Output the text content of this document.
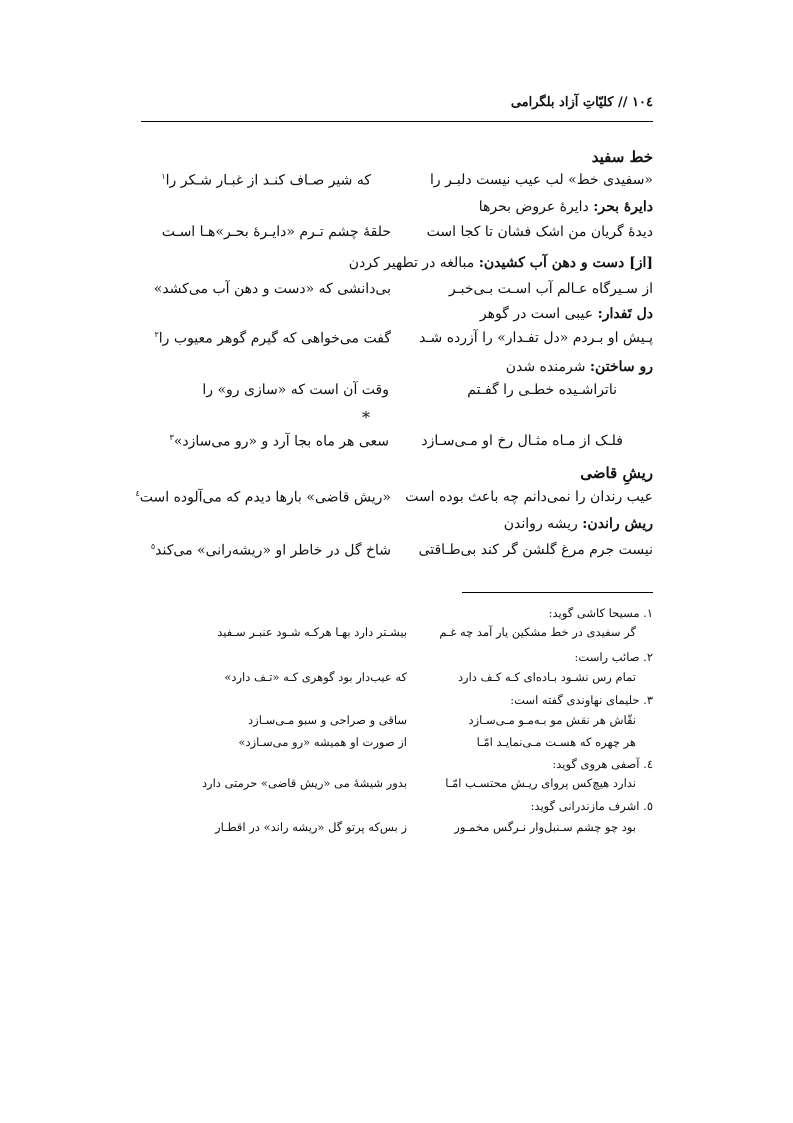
١٠٤ // کلیّاتِ آزاد بلگرامی
خط سفید
«سفیدی خط» لب عیب نیست دلبـر را
که شیر صـاف کنـد از غبـار شـکر را$^١$
دایرهٔ بحر: دایرهٔ عروض بحرها
دیدهٔ گریان من اشک فشان تا کجا است
حلقهٔ چشم تـرم «دایـرهٔ بحـر»هـا اسـت
[از] دست و دهن آب کشیدن: مبالغه در تطهیر کردن
از سـیرگاه عـالم آب اسـت بـی‌خبـر
بی‌دانشی که «دست و دهن آب می‌کشد»
دل تَفدار: عیبی است در گوهر
پـیش او بـردم «دل تفـدار» را آزرده شـد
گفت می‌خواهی که گیرم گوهر معیوب را$^٢$
رو ساختن: شرمنده شدن
ناتراشـیده خطـی را گفـتم
وقت آن است که «سازی رو» را
*
فلـک از مـاه مثـال رخ او مـی‌سـازد
سعی هر ماه بجا آرد و «رو می‌سازد»$^٣$
ریشِ قاضی
عیب رندان را نمی‌دانم چه باعث بوده است
«ریش قاضی» بارها دیدم که می‌آلوده است$^٤$
ریش راندن: ریشه رواندن
نیست جرم مرغ گلشن گر کند بی‌طـاقتی
شاخ گل در خاطر او «ریشه‌رانی» می‌کند$^٥$
١. مسیحا کاشی گوید:
گر سفیدی در خط مشکین یار آمد چه غـم
بیشـتر دارد بهـا هرکـه شـود عنبـر سـفید
٢. صائب راست:
تمام رس نشـود بـاده‌ای کـه کـف دارد
که عیب‌دار بود گوهری کـه «تـف دارد»
٣. حلیمای نهاوندی گفته است:
نقّاش هر نقش مو بـه‌مـو مـی‌سـازد
ساقی و صراحی و سبو مـی‌سـازد
هر چهره که هسـت مـی‌نمایـد امّـا
از صورت او همیشه «رو می‌سـازد»
٤. آصفی هروی گوید:
ندارد هیچ‌کس پروای ریـش محتسـب امّـا
بدور شیشهٔ می «ریش قاضی» حرمتی دارد
٥. اشرف مازندرانی گوید:
بود چو چشم سـنبل‌وار نـرگس مخمـور
ز بس‌که پرتو گل «ریشه راند» در اقطـار
